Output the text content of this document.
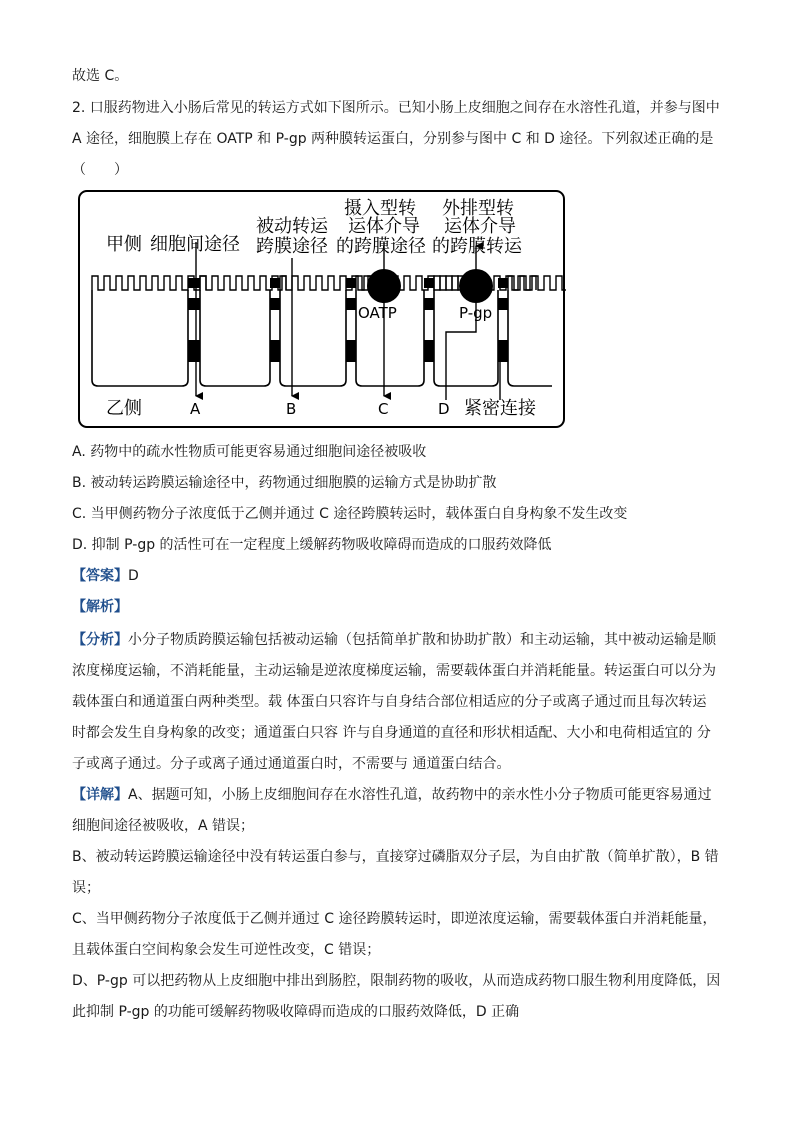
故选 C。
2. 口服药物进入小肠后常见的转运方式如下图所示。已知小肠上皮细胞之间存在水溶性孔道，并参与图中
A 途径，细胞膜上存在 OATP 和 P-gp 两种膜转运蛋白，分别参与图中 C 和 D 途径。下列叙述正确的是
（　　）
甲侧 细胞间途径
被动转运
跨膜途径
摄入型转
运体介导
的跨膜途径
外排型转
运体介导
的跨膜转运
乙侧	紧密连接
OATP	P-gp
A	B	C	D
A. 药物中的疏水性物质可能更容易通过细胞间途径被吸收
B. 被动转运跨膜运输途径中，药物通过细胞膜的运输方式是协助扩散
C. 当甲侧药物分子浓度低于乙侧并通过 C 途径跨膜转运时，载体蛋白自身构象不发生改变
D. 抑制 P-gp 的活性可在一定程度上缓解药物吸收障碍而造成的口服药效降低
【答案】D
【解析】
【分析】小分子物质跨膜运输包括被动运输（包括简单扩散和协助扩散）和主动运输，其中被动运输是顺
浓度梯度运输，不消耗能量，主动运输是逆浓度梯度运输，需要载体蛋白并消耗能量。转运蛋白可以分为
载体蛋白和通道蛋白两种类型。载 体蛋白只容许与自身结合部位相适应的分子或离子通过而且每次转运
时都会发生自身构象的改变；通道蛋白只容 许与自身通道的直径和形状相适配、大小和电荷相适宜的 分
子或离子通过。分子或离子通过通道蛋白时，不需要与 通道蛋白结合。
【详解】A、据题可知，小肠上皮细胞间存在水溶性孔道，故药物中的亲水性小分子物质可能更容易通过
细胞间途径被吸收，A 错误；
B、被动转运跨膜运输途径中没有转运蛋白参与，直接穿过磷脂双分子层，为自由扩散（简单扩散），B 错
误；
C、当甲侧药物分子浓度低于乙侧并通过 C 途径跨膜转运时，即逆浓度运输，需要载体蛋白并消耗能量，
且载体蛋白空间构象会发生可逆性改变，C 错误；
D、P-gp 可以把药物从上皮细胞中排出到肠腔，限制药物的吸收，从而造成药物口服生物利用度降低，因
此抑制 P-gp 的功能可缓解药物吸收障碍而造成的口服药效降低，D 正确
